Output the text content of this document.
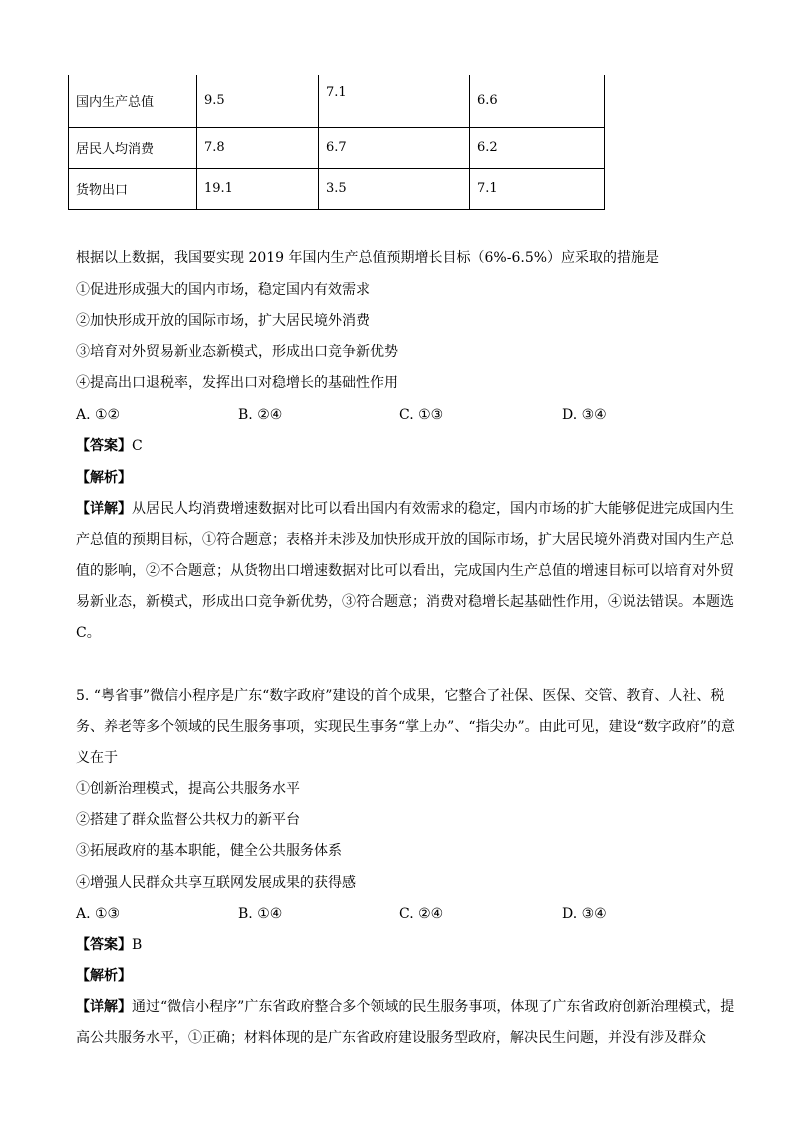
国内生产总值	9.5	7.1	6.6
居民人均消费	7.8	6.7	6.2
货物出口	19.1	3.5	7.1
根据以上数据，我国要实现 2019 年国内生产总值预期增长目标（6%-6.5%）应采取的措施是
①促进形成强大的国内市场，稳定国内有效需求
②加快形成开放的国际市场，扩大居民境外消费
③培育对外贸易新业态新模式，形成出口竞争新优势
④提高出口退税率，发挥出口对稳增长的基础性作用
A. ①②	B. ②④	C. ①③	D. ③④
【答案】C
【解析】
【详解】从居民人均消费增速数据对比可以看出国内有效需求的稳定，国内市场的扩大能够促进完成国内生产总值的预期目标，①符合题意；表格并未涉及加快形成开放的国际市场，扩大居民境外消费对国内生产总值的影响，②不合题意；从货物出口增速数据对比可以看出，完成国内生产总值的增速目标可以培育对外贸易新业态，新模式，形成出口竞争新优势，③符合题意；消费对稳增长起基础性作用，④说法错误。本题选C。
5. “粤省事”微信小程序是广东“数字政府”建设的首个成果，它整合了社保、医保、交管、教育、人社、税务、养老等多个领域的民生服务事项，实现民生事务“掌上办”、“指尖办”。由此可见，建设“数字政府”的意义在于
①创新治理模式，提高公共服务水平
②搭建了群众监督公共权力的新平台
③拓展政府的基本职能，健全公共服务体系
④增强人民群众共享互联网发展成果的获得感
A. ①③	B. ①④	C. ②④	D. ③④
【答案】B
【解析】
【详解】通过“微信小程序”广东省政府整合多个领域的民生服务事项，体现了广东省政府创新治理模式，提高公共服务水平，①正确；材料体现的是广东省政府建设服务型政府，解决民生问题，并没有涉及群众
